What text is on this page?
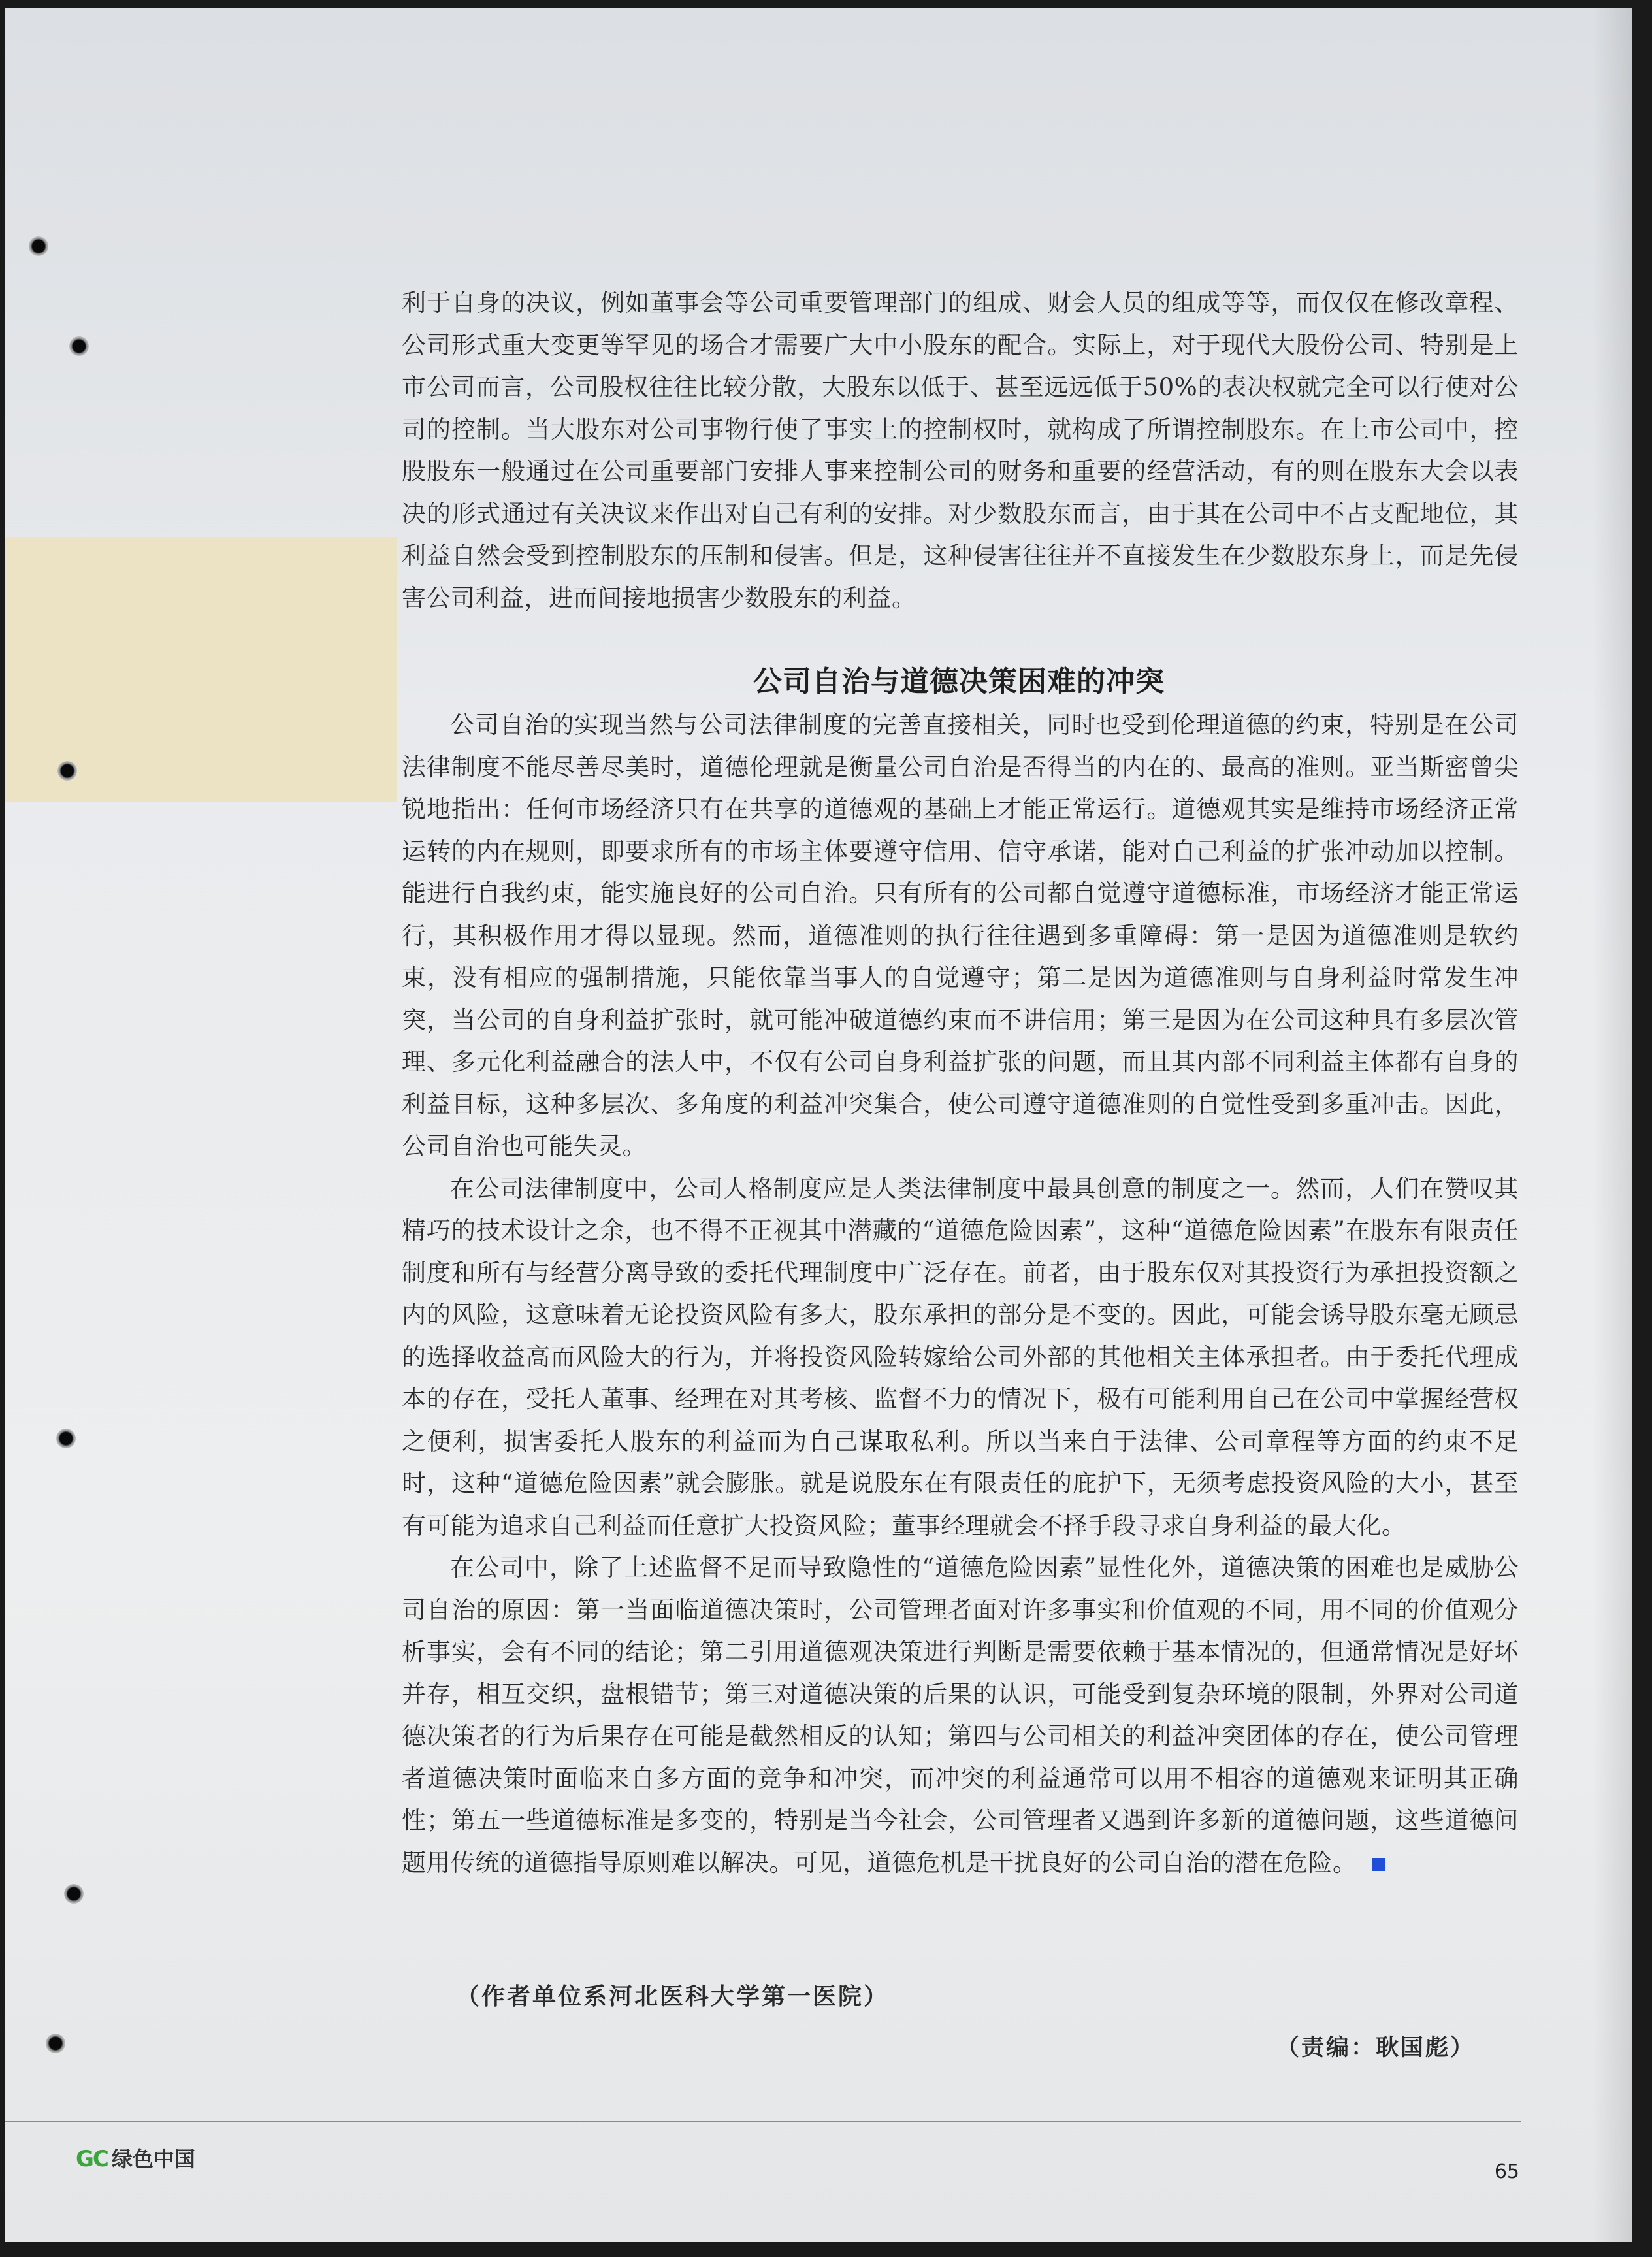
利于自身的决议，例如董事会等公司重要管理部门的组成、财会人员的组成等等，而仅仅在修改章程、公司形式重大变更等罕见的场合才需要广大中小股东的配合。实际上，对于现代大股份公司、特别是上市公司而言，公司股权往往比较分散，大股东以低于、甚至远远低于50%的表决权就完全可以行使对公司的控制。当大股东对公司事物行使了事实上的控制权时，就构成了所谓控制股东。在上市公司中，控股股东一般通过在公司重要部门安排人事来控制公司的财务和重要的经营活动，有的则在股东大会以表决的形式通过有关决议来作出对自己有利的安排。对少数股东而言，由于其在公司中不占支配地位，其利益自然会受到控制股东的压制和侵害。但是，这种侵害往往并不直接发生在少数股东身上，而是先侵害公司利益，进而间接地损害少数股东的利益。

公司自治与道德决策困难的冲突

公司自治的实现当然与公司法律制度的完善直接相关，同时也受到伦理道德的约束，特别是在公司法律制度不能尽善尽美时，道德伦理就是衡量公司自治是否得当的内在的、最高的准则。亚当斯密曾尖锐地指出：任何市场经济只有在共享的道德观的基础上才能正常运行。道德观其实是维持市场经济正常运转的内在规则，即要求所有的市场主体要遵守信用、信守承诺，能对自己利益的扩张冲动加以控制。能进行自我约束，能实施良好的公司自治。只有所有的公司都自觉遵守道德标准，市场经济才能正常运行，其积极作用才得以显现。然而，道德准则的执行往往遇到多重障碍：第一是因为道德准则是软约束，没有相应的强制措施，只能依靠当事人的自觉遵守；第二是因为道德准则与自身利益时常发生冲突，当公司的自身利益扩张时，就可能冲破道德约束而不讲信用；第三是因为在公司这种具有多层次管理、多元化利益融合的法人中，不仅有公司自身利益扩张的问题，而且其内部不同利益主体都有自身的利益目标，这种多层次、多角度的利益冲突集合，使公司遵守道德准则的自觉性受到多重冲击。因此，公司自治也可能失灵。

在公司法律制度中，公司人格制度应是人类法律制度中最具创意的制度之一。然而，人们在赞叹其精巧的技术设计之余，也不得不正视其中潜藏的“道德危险因素”，这种“道德危险因素”在股东有限责任制度和所有与经营分离导致的委托代理制度中广泛存在。前者，由于股东仅对其投资行为承担投资额之内的风险，这意味着无论投资风险有多大，股东承担的部分是不变的。因此，可能会诱导股东毫无顾忌的选择收益高而风险大的行为，并将投资风险转嫁给公司外部的其他相关主体承担者。由于委托代理成本的存在，受托人董事、经理在对其考核、监督不力的情况下，极有可能利用自己在公司中掌握经营权之便利，损害委托人股东的利益而为自己谋取私利。所以当来自于法律、公司章程等方面的约束不足时，这种“道德危险因素”就会膨胀。就是说股东在有限责任的庇护下，无须考虑投资风险的大小，甚至有可能为追求自己利益而任意扩大投资风险；董事经理就会不择手段寻求自身利益的最大化。

在公司中，除了上述监督不足而导致隐性的“道德危险因素”显性化外，道德决策的困难也是威胁公司自治的原因：第一当面临道德决策时，公司管理者面对许多事实和价值观的不同，用不同的价值观分析事实，会有不同的结论；第二引用道德观决策进行判断是需要依赖于基本情况的，但通常情况是好坏并存，相互交织，盘根错节；第三对道德决策的后果的认识，可能受到复杂环境的限制，外界对公司道德决策者的行为后果存在可能是截然相反的认知；第四与公司相关的利益冲突团体的存在，使公司管理者道德决策时面临来自多方面的竞争和冲突，而冲突的利益通常可以用不相容的道德观来证明其正确性；第五一些道德标准是多变的，特别是当今社会，公司管理者又遇到许多新的道德问题，这些道德问题用传统的道德指导原则难以解决。可见，道德危机是干扰良好的公司自治的潜在危险。

（作者单位系河北医科大学第一医院）
（责编：耿国彪）
GC 绿色中国
65
